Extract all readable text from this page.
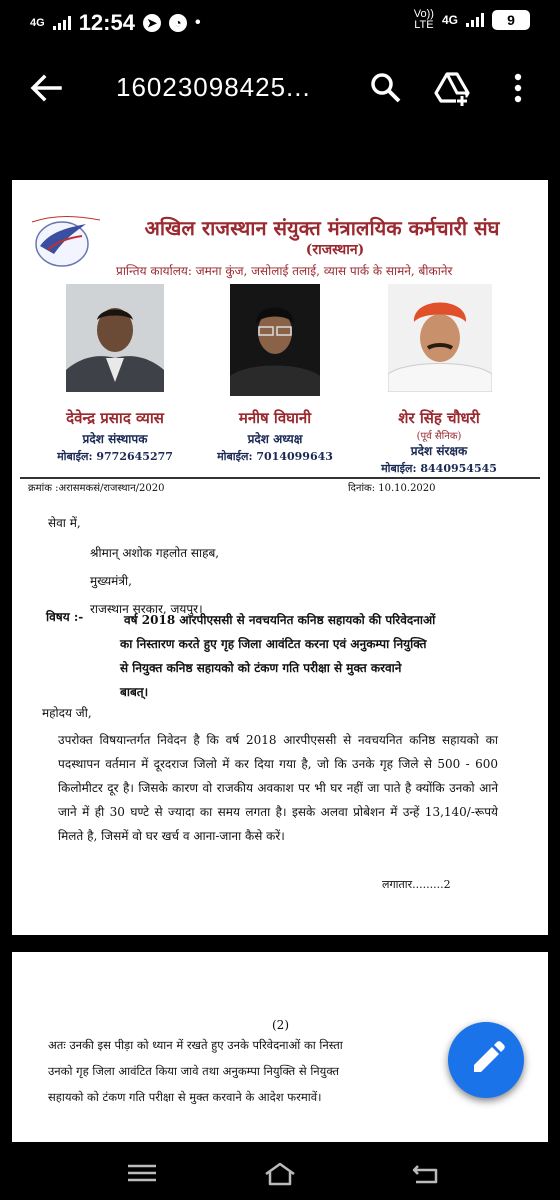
4G 12:54 ➤	◔ •	Vo))
LTE 4G	9
16023098425...
अखिल राजस्थान संयुक्त मंत्रालयिक कर्मचारी संघ
(राजस्थान)
प्रान्तिय कार्यालय: जमना कुंज, जसोलाई तलाई, व्यास पार्क के सामने, बीकानेर
देवेन्द्र प्रसाद व्यास
प्रदेश संस्थापक
मोबाईल: 9772645277
मनीष विघानी
प्रदेश अध्यक्ष
मोबाईल: 7014099643
शेर सिंह चौधरी
(पूर्व सैनिक)
प्रदेश संरक्षक
मोबाईल: 8440954545
क्रमांक :अरासमकसं/राजस्थान/2020	दिनांक: 10.10.2020
सेवा में,
श्रीमान् अशोक गहलोत साहब,
मुख्यमंत्री,
राजस्थान सरकार, जयपुर।
विषय :-	वर्ष 2018 आरपीएससी से नवचयनित कनिष्ठ सहायको की परिवेदनाओं
का निस्तारण करते हुए गृह जिला आवंटित करना एवं अनुकम्पा नियुक्ति
से नियुक्त कनिष्ठ सहायको को टंकण गति परीक्षा से मुक्त करवाने
बाबत्।
महोदय जी,
उपरोक्त विषयान्तर्गत निवेदन है कि वर्ष 2018 आरपीएससी से नवचयनित कनिष्ठ सहायको का पदस्थापन वर्तमान में दूरदराज जिलो में कर दिया गया है, जो कि उनके गृह जिले से 500 - 600 किलोमीटर दूर है। जिसके कारण वो राजकीय अवकाश पर भी घर नहीं जा पाते है क्योंकि उनको आने जाने में ही 30 घण्टे से ज्यादा का समय लगता है। इसके अलवा प्रोबेशन में उन्हें 13,140/-रूपये मिलते है, जिसमें वो घर खर्च व आना-जाना कैसे करें।
लगातार.........2
(2)
अतः उनकी इस पीड़ा को ध्यान में रखते हुए उनके परिवेदनाओं का निस्ता
उनको गृह जिला आवंटित किया जावे तथा अनुकम्पा नियुक्ति से नियुक्त
सहायको को टंकण गति परीक्षा से मुक्त करवाने के आदेश फरमावें।
